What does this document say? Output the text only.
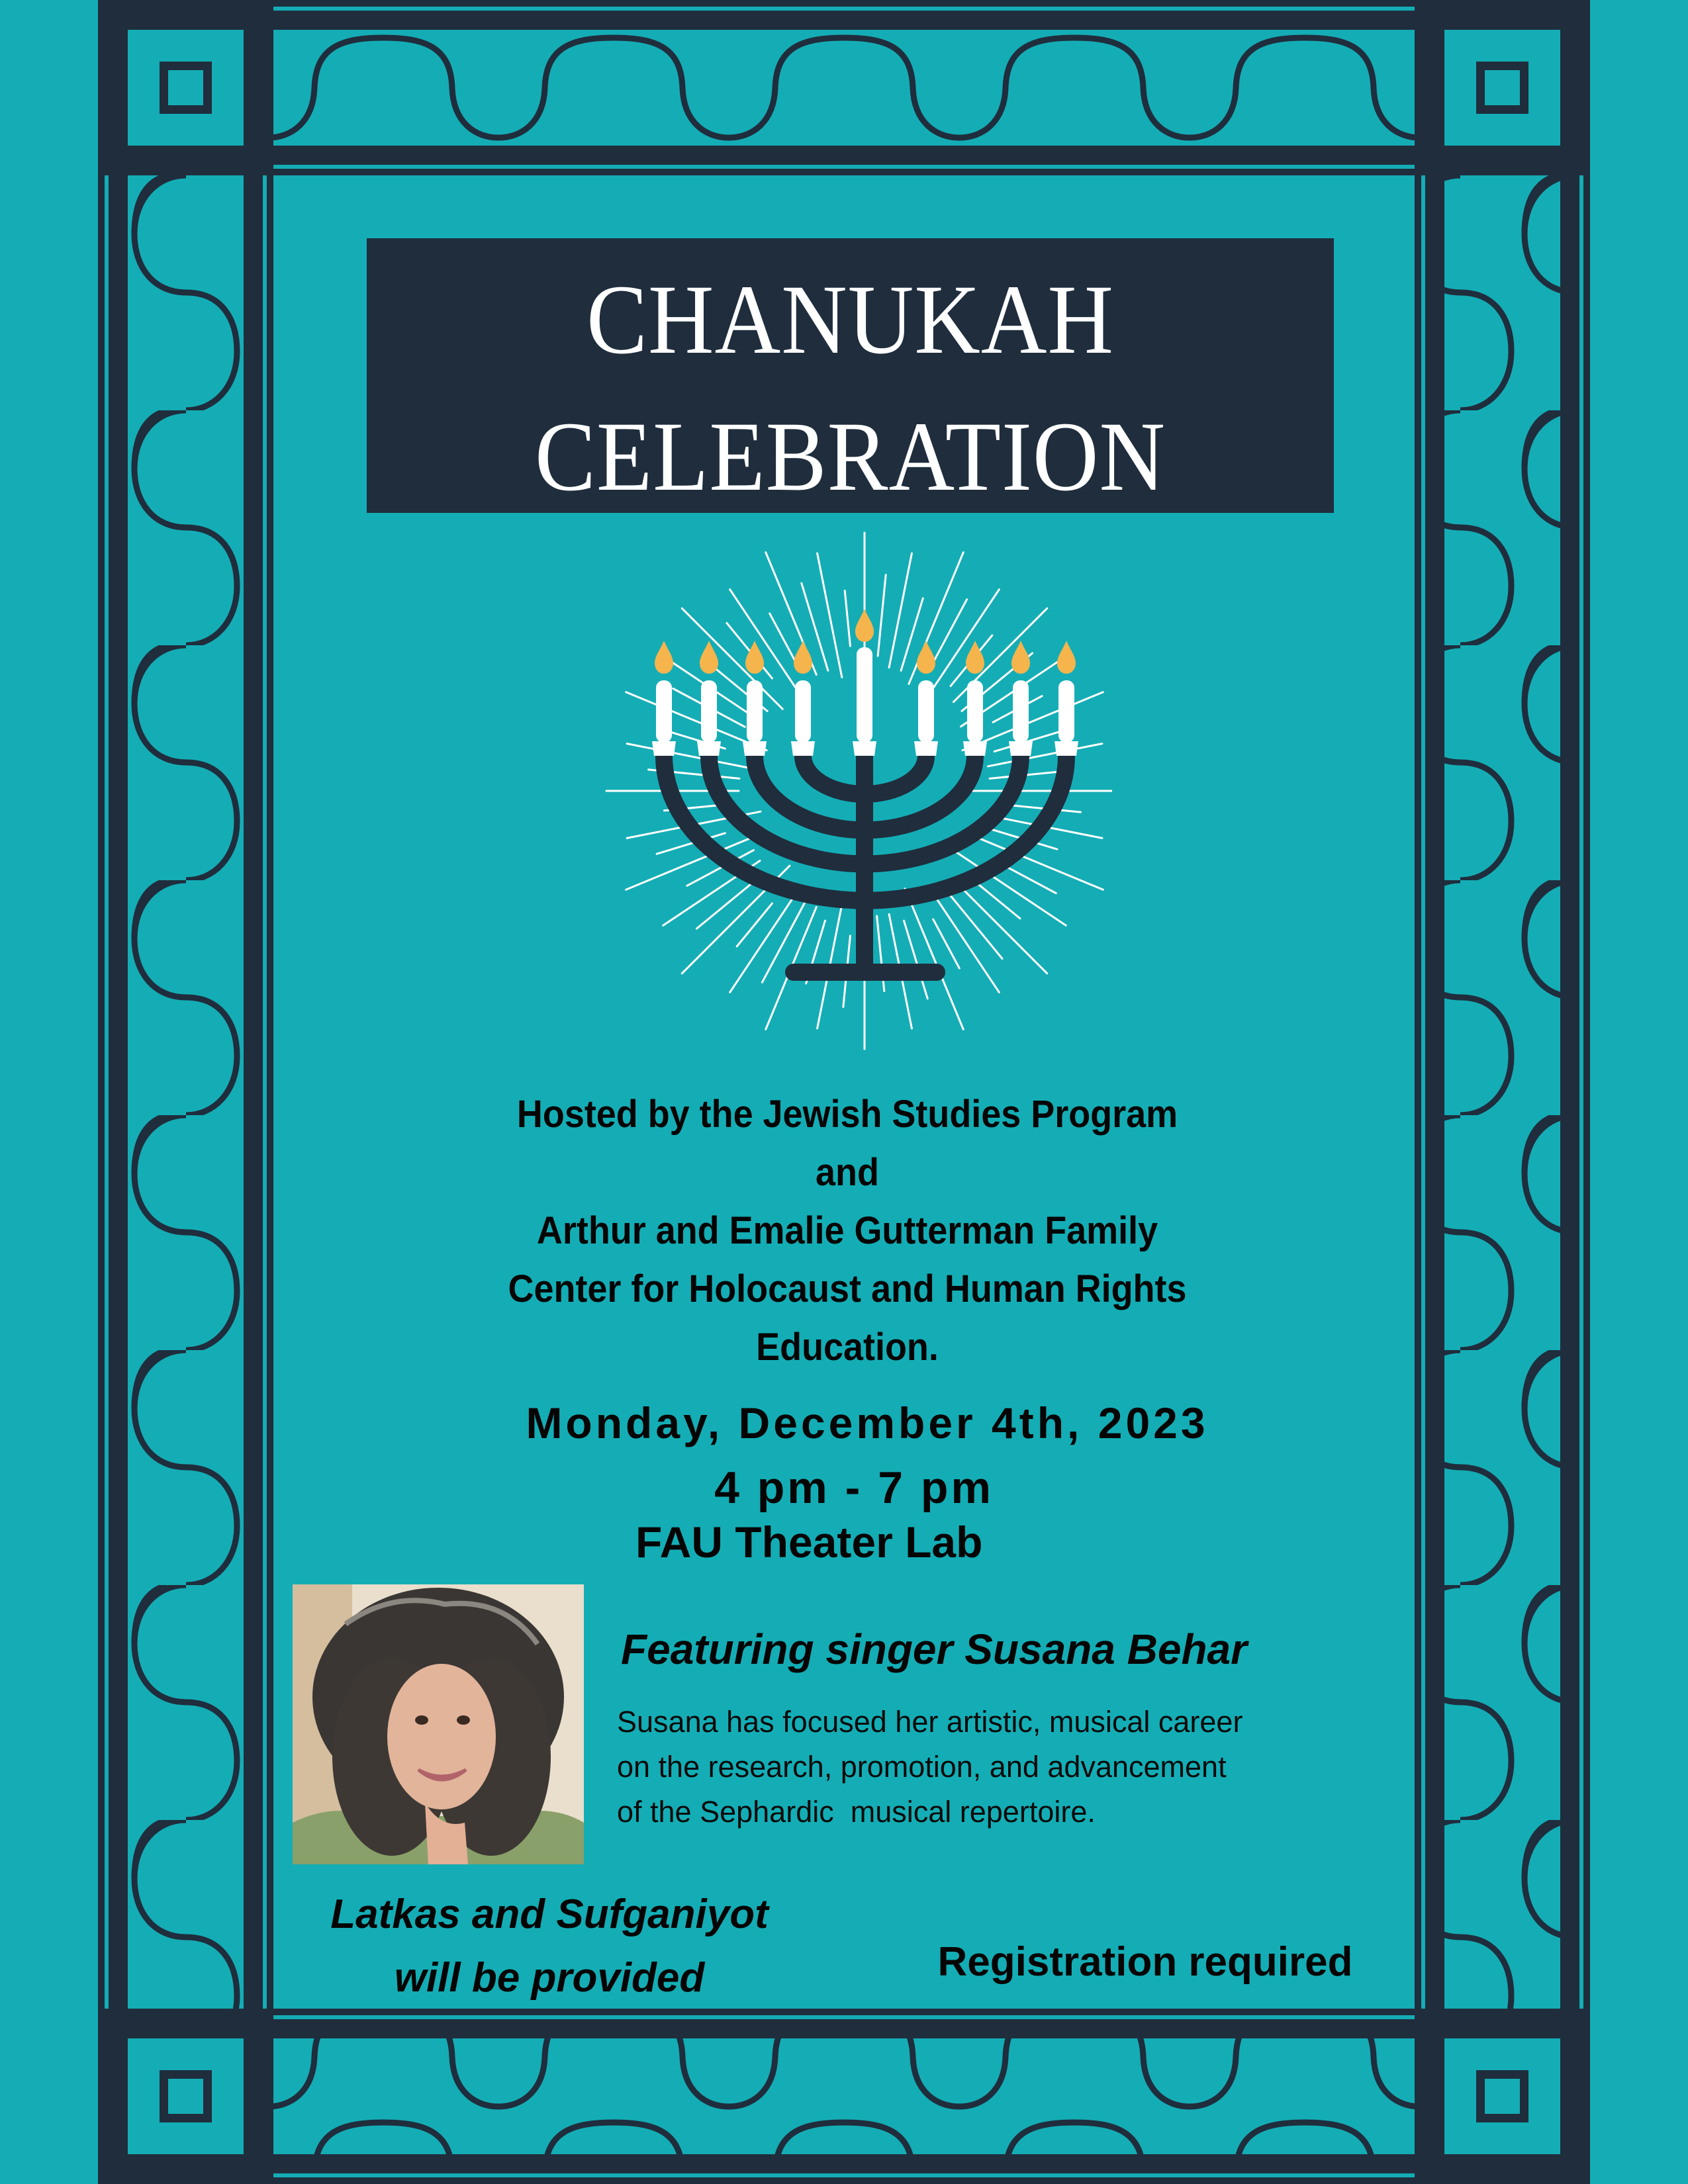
CHANUKAH
CELEBRATION
Hosted by the Jewish Studies Program
and
Arthur and Emalie Gutterman Family
Center for Holocaust and Human Rights
Education.
Monday, December 4th, 2023
4 pm - 7 pm
FAU Theater Lab
Featuring singer Susana Behar
Susana has focused her artistic, musical career
on the research, promotion, and advancement
of the Sephardic  musical repertoire.
Latkas and Sufganiyot
will be provided	Registration required
